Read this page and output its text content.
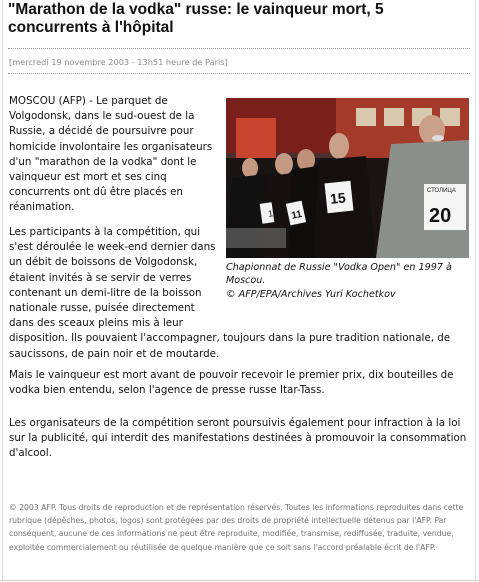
"Marathon de la vodka" russe: le vainqueur mort, 5 concurrents à l'hôpital
[mercredi 19 novembre 2003 - 13h51 heure de Paris]
14 11
15	СТОЛИЦА
20
Chapionnat de Russie "Vodka Open" en 1997 à Moscou.
© AFP/EPA/Archives Yuri Kochetkov

MOSCOU (AFP) - Le parquet de Volgodonsk, dans le sud-ouest de la Russie, a décidé de poursuivre pour homicide involontaire les organisateurs d'un "marathon de la vodka" dont le vainqueur est mort et ses cinq concurrents ont dû être placés en réanimation.

Les participants à la compétition, qui s'est déroulée le week-end dernier dans un débit de boissons de Volgodonsk, étaient invités à se servir de verres contenant un demi-litre de la boisson nationale russe, puisée directement dans des sceaux pleins mis à leur disposition. Ils pouvaient l'accompagner, toujours dans la pure tradition nationale, de saucissons, de pain noir et de moutarde.

Mais le vainqueur est mort avant de pouvoir recevoir le premier prix, dix bouteilles de vodka bien entendu, selon l'agence de presse russe Itar-Tass.

Les organisateurs de la compétition seront poursuivis également pour infraction à la loi sur la publicité, qui interdit des manifestations destinées à promouvoir la consommation d'alcool.

© 2003 AFP. Tous droits de reproduction et de représentation réservés. Toutes les informations reproduites dans cette rubrique (dépêches, photos, logos) sont protégées par des droits de propriété intellectuelle détenus par l'AFP. Par conséquent, aucune de ces informations ne peut être reproduite, modifiée, transmise, rediffusée, traduite, vendue, exploitée commercialement ou réutilisée de quelque manière que ce soit sans l'accord préalable écrit de l'AFP.
